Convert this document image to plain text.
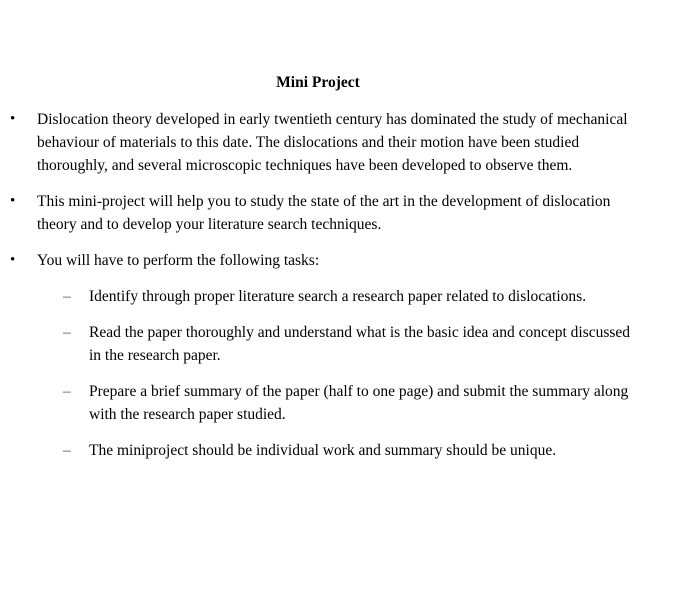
Mini Project
• Dislocation theory developed in early twentieth century has dominated the study of mechanical behaviour of materials to this date. The dislocations and their motion have been studied thoroughly, and several microscopic techniques have been developed to observe them.
• This mini-project will help you to study the state of the art in the development of dislocation theory and to develop your literature search techniques.
• You will have to perform the following tasks:
– Identify through proper literature search a research paper related to dislocations.
– Read the paper thoroughly and understand what is the basic idea and concept discussed in the research paper.
– Prepare a brief summary of the paper (half to one page) and submit the summary along with the research paper studied.
– The miniproject should be individual work and summary should be unique.
